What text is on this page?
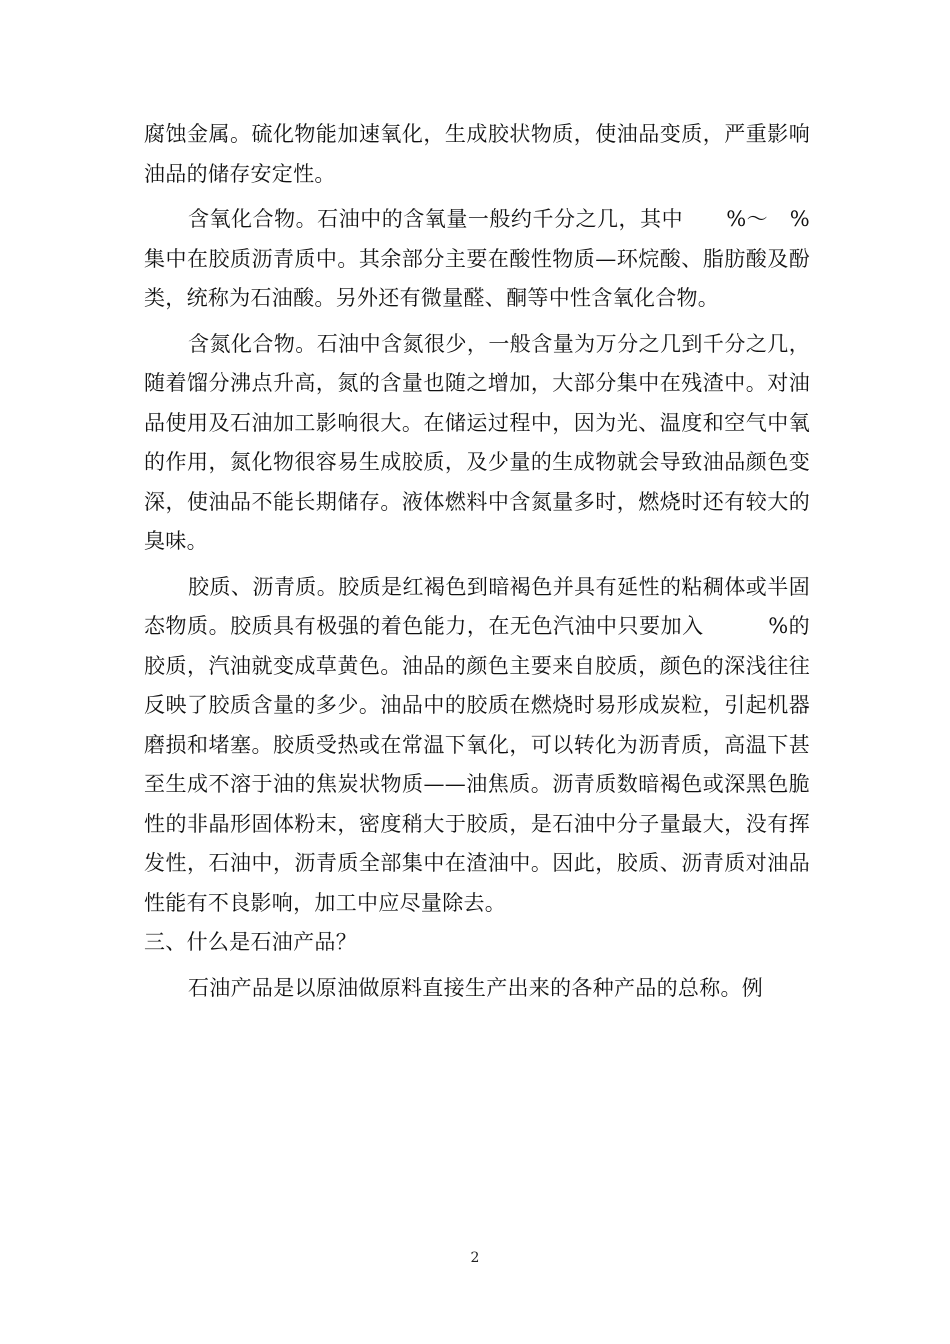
腐蚀金属。硫化物能加速氧化，生成胶状物质，使油品变质，严重影响油品的储存安定性。

含氧化合物。石油中的含氧量一般约千分之几，其中　　%～　%集中在胶质沥青质中。其余部分主要在酸性物质—环烷酸、脂肪酸及酚类，统称为石油酸。另外还有微量醛、酮等中性含氧化合物。

含氮化合物。石油中含氮很少，一般含量为万分之几到千分之几，随着馏分沸点升高，氮的含量也随之增加，大部分集中在残渣中。对油品使用及石油加工影响很大。在储运过程中，因为光、温度和空气中氧的作用，氮化物很容易生成胶质，及少量的生成物就会导致油品颜色变深，使油品不能长期储存。液体燃料中含氮量多时，燃烧时还有较大的臭味。

胶质、沥青质。胶质是红褐色到暗褐色并具有延性的粘稠体或半固态物质。胶质具有极强的着色能力，在无色汽油中只要加入　　　%的胶质，汽油就变成草黄色。油品的颜色主要来自胶质，颜色的深浅往往反映了胶质含量的多少。油品中的胶质在燃烧时易形成炭粒，引起机器磨损和堵塞。胶质受热或在常温下氧化，可以转化为沥青质，高温下甚至生成不溶于油的焦炭状物质——油焦质。沥青质数暗褐色或深黑色脆性的非晶形固体粉末，密度稍大于胶质，是石油中分子量最大，没有挥发性，石油中，沥青质全部集中在渣油中。因此，胶质、沥青质对油品性能有不良影响，加工中应尽量除去。

三、什么是石油产品？

石油产品是以原油做原料直接生产出来的各种产品的总称。例

2
